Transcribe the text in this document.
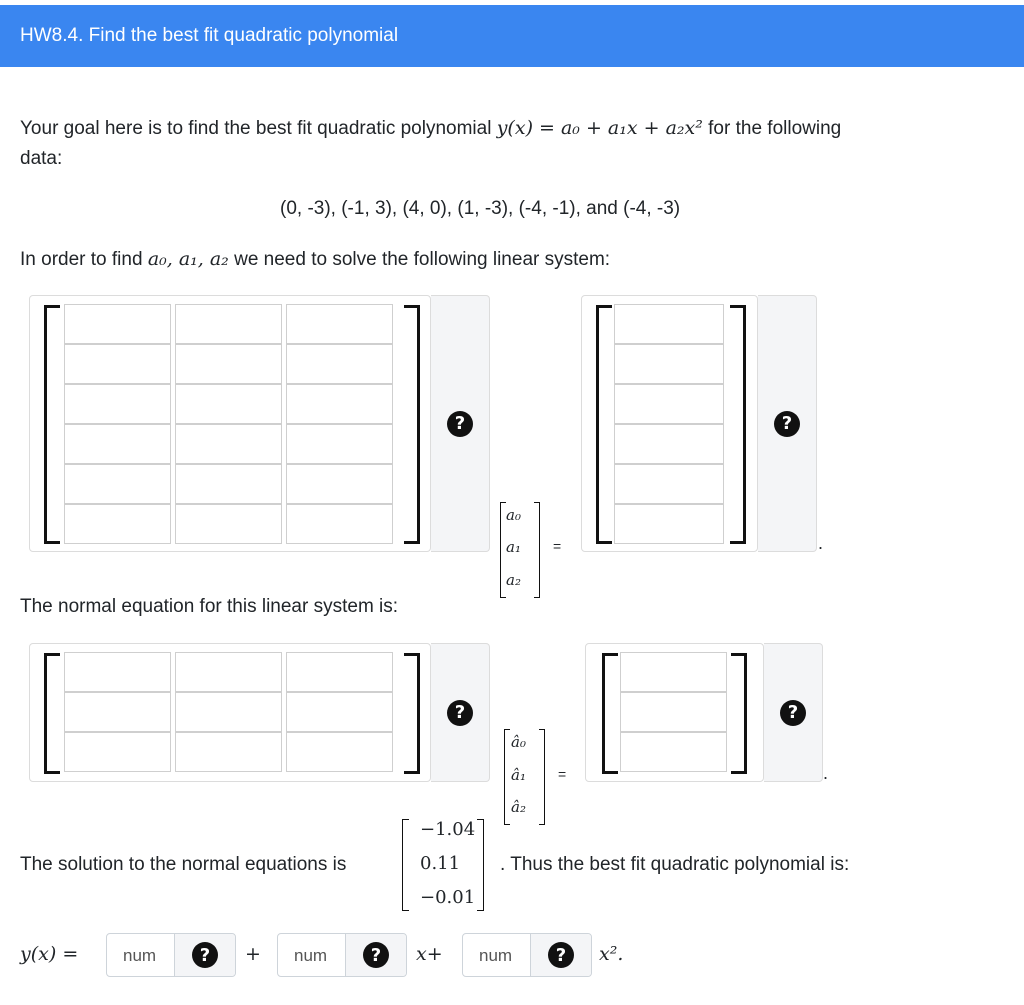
HW8.4. Find the best fit quadratic polynomial
Your goal here is to find the best fit quadratic polynomial y(x) = a₀ + a₁x + a₂x² for the following
data:
(0, -3), (-1, 3), (4, 0), (1, -3), (-4, -1), and (-4, -3)
In order to find a₀, a₁, a₂ we need to solve the following linear system:
?
a₀
a₁
a₂
=
?
.
The normal equation for this linear system is:
?
â₀
â₁
â₂
=
?
.
The solution to the normal equations is
−1.04
0.11
−0.01
. Thus the best fit quadratic polynomial is:
y(x) =	num	?	+ num	?	x+ num	?	x².
